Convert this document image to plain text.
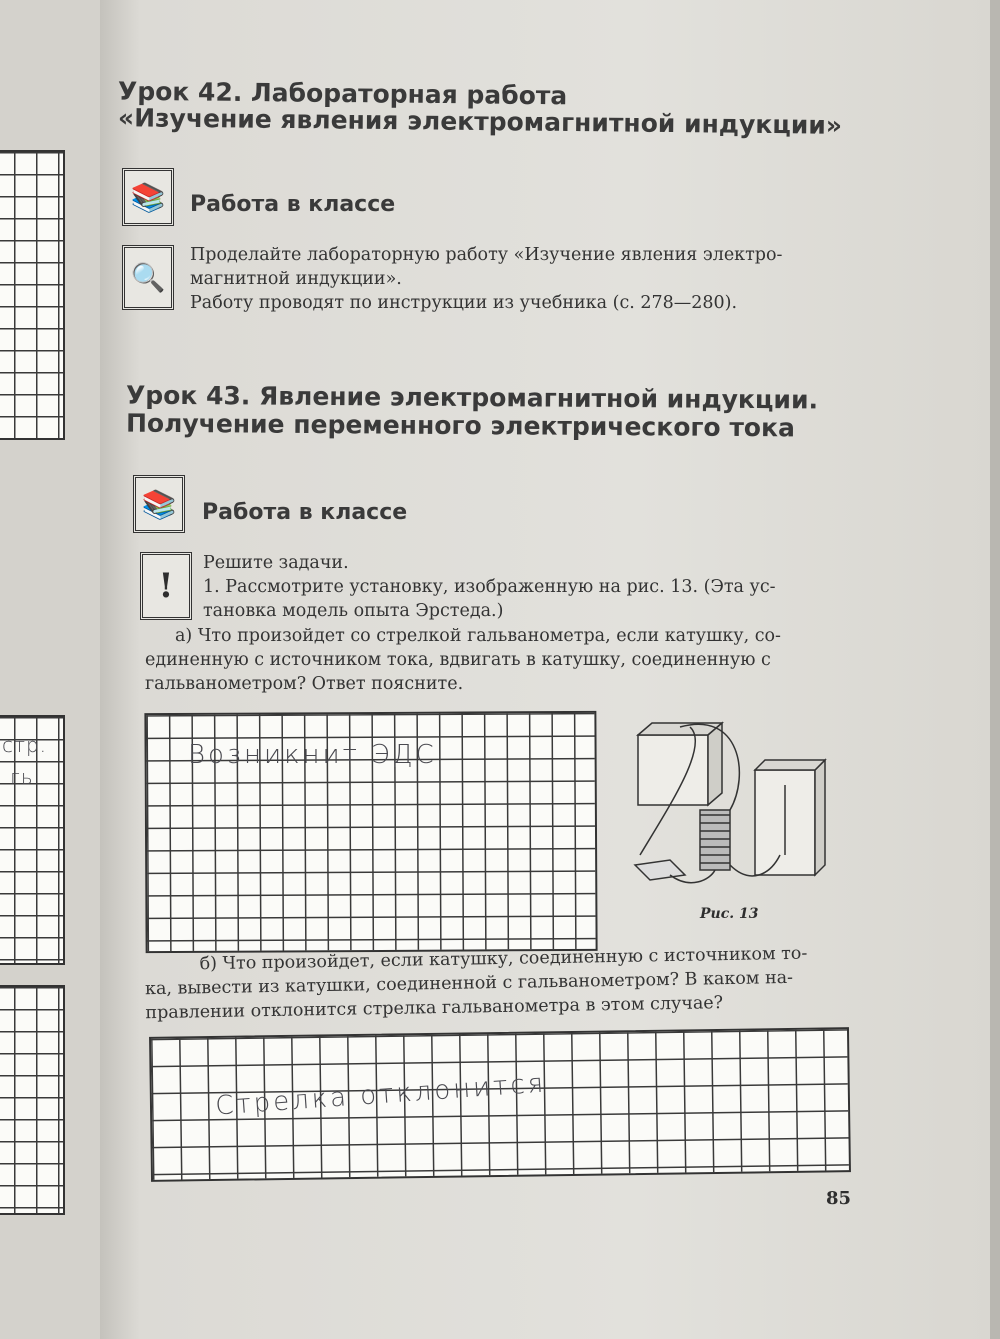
стр.
гь
Урок 42. Лабораторная работа
«Изучение явления электромагнитной индукции»
📚	Работа в классе
🔍
Проделайте лабораторную работу «Изучение явления электро-
магнитной индукции».
Работу проводят по инструкции из учебника (с. 278—280).
Урок 43. Явление электромагнитной индукции.
Получение переменного электрического тока
📚	Работа в классе
!
Решите задачи.
1. Рассмотрите установку, изображенную на рис. 13. (Эта ус-
тановка модель опыта Эрстеда.)
а) Что произойдет со стрелкой гальванометра, если катушку, со-
единенную с источником тока, вдвигать в катушку, соединенную с
гальванометром? Ответ поясните.
Возникнит ЭДС
Рис. 13
б) Что произойдет, если катушку, соединенную с источником то-
ка, вывести из катушки, соединенной с гальванометром? В каком на-
правлении отклонится стрелка гальванометра в этом случае?
Стрелка отклонится
85
